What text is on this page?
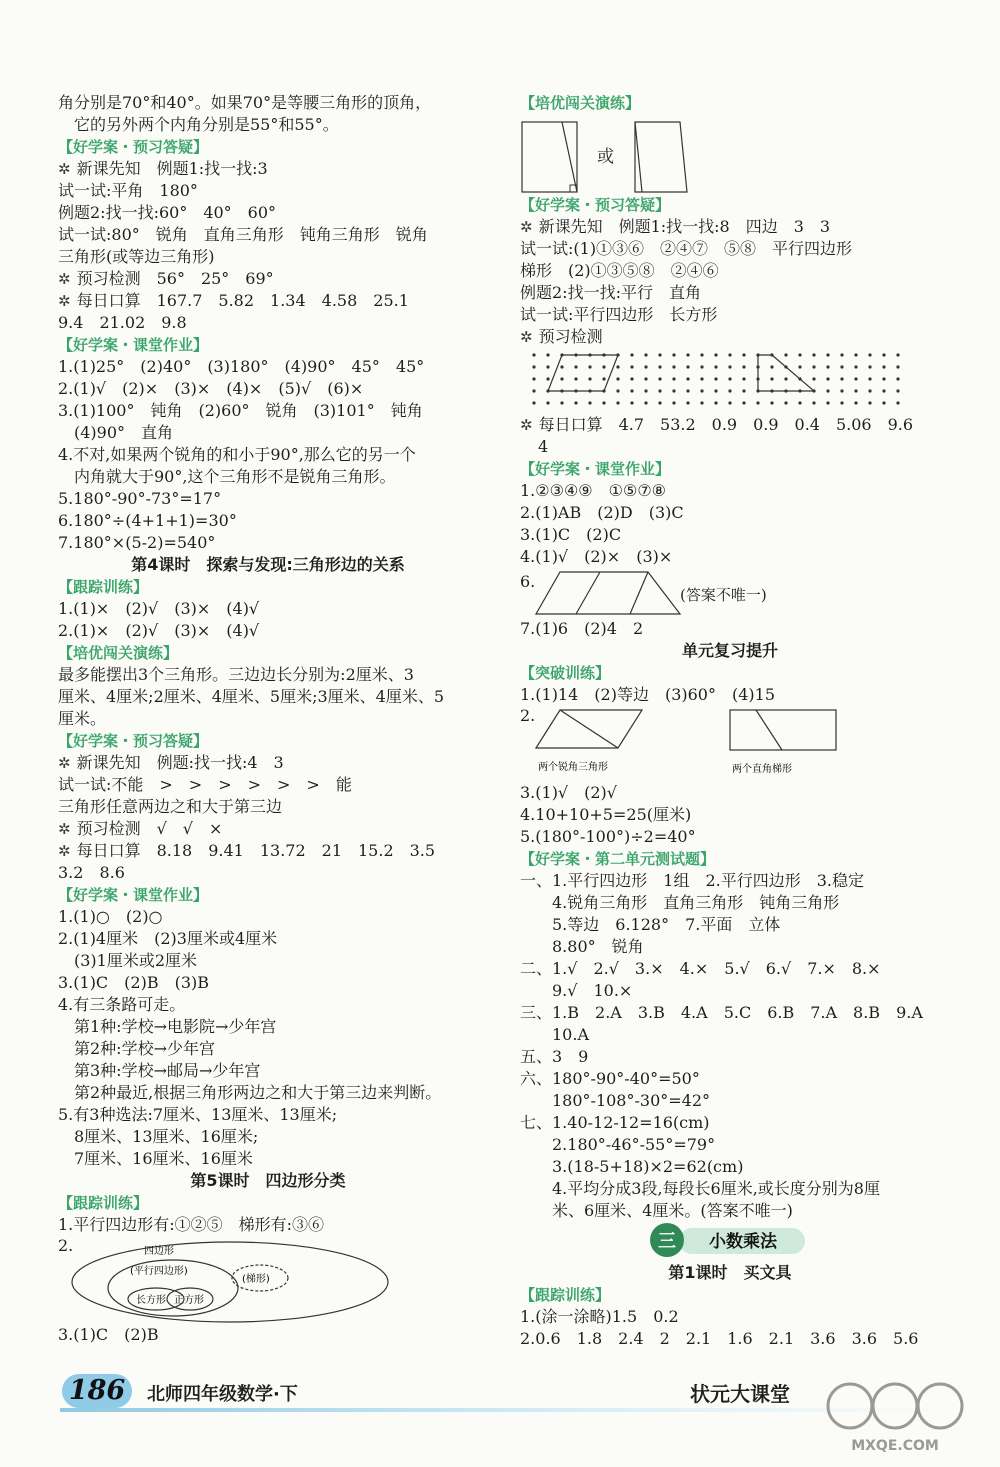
角分别是70°和40°。如果70°是等腰三角形的顶角，
它的另外两个内角分别是55°和55°。
【好学案・预习答疑】
✲ 新课先知　例题1:找一找:3
试一试:平角　180°
例题2:找一找:60°　40°　60°
试一试:80°　锐角　直角三角形　钝角三角形　锐角
三角形(或等边三角形)
✲ 预习检测　56°　25°　69°
✲ 每日口算　167.7　5.82　1.34　4.58　25.1
9.4　21.02　9.8
【好学案・课堂作业】
1.(1)25°　(2)40°　(3)180°　(4)90°　45°　45°
2.(1)√　(2)×　(3)×　(4)×　(5)√　(6)×
3.(1)100°　钝角　(2)60°　锐角　(3)101°　钝角
　(4)90°　直角
4.不对,如果两个锐角的和小于90°,那么它的另一个
　内角就大于90°,这个三角形不是锐角三角形。
5.180°-90°-73°=17°
6.180°÷(4+1+1)=30°
7.180°×(5-2)=540°
第4课时　探索与发现:三角形边的关系
【跟踪训练】
1.(1)×　(2)√　(3)×　(4)√
2.(1)×　(2)√　(3)×　(4)√
【培优闯关演练】
最多能摆出3个三角形。三边边长分别为:2厘米、3
厘米、4厘米;2厘米、4厘米、5厘米;3厘米、4厘米、5
厘米。
【好学案・预习答疑】
✲ 新课先知　例题:找一找:4　3
试一试:不能　>　>　>　>　>　>　能
三角形任意两边之和大于第三边
✲ 预习检测　√　√　×
✲ 每日口算　8.18　9.41　13.72　21　15.2　3.5
3.2　8.6
【好学案・课堂作业】
1.(1)○　(2)○
2.(1)4厘米　(2)3厘米或4厘米
　(3)1厘米或2厘米
3.(1)C　(2)B　(3)B
4.有三条路可走。
　第1种:学校→电影院→少年宫
　第2种:学校→少年宫
　第3种:学校→邮局→少年宫
　第2种最近,根据三角形两边之和大于第三边来判断。
5.有3种选法:7厘米、13厘米、13厘米;
　8厘米、13厘米、16厘米;
　7厘米、16厘米、16厘米
第5课时　四边形分类
【跟踪训练】
1.平行四边形有:①②⑤　梯形有:③⑥
2.	四边形
(平行四边形)
(梯形)
长方形 正方形
3.(1)C　(2)B
【培优闯关演练】
或
【好学案・预习答疑】
✲ 新课先知　例题1:找一找:8　四边　3　3
试一试:(1)①③⑥　②④⑦　⑤⑧　平行四边形
梯形　(2)①③⑤⑧　②④⑥
例题2:找一找:平行　直角
试一试:平行四边形　长方形
✲ 预习检测
✲ 每日口算　4.7　53.2　0.9　0.9　0.4　5.06　9.6
4
【好学案・课堂作业】
1.②③④⑨　①⑤⑦⑧
2.(1)AB　(2)D　(3)C
3.(1)C　(2)C
4.(1)√　(2)×　(3)×
6.
(答案不唯一)
7.(1)6　(2)4　2
单元复习提升
【突破训练】
1.(1)14　(2)等边　(3)60°　(4)15
2.
两个锐角三角形	两个直角梯形
3.(1)√　(2)√
4.10+10+5=25(厘米)
5.(180°-100°)÷2=40°
【好学案・第二单元测试题】
一、1.平行四边形　1组　2.平行四边形　3.稳定
　　4.锐角三角形　直角三角形　钝角三角形
　　5.等边　6.128°　7.平面　立体
　　8.80°　锐角
二、1.√　2.√　3.×　4.×　5.√　6.√　7.×　8.×
　　9.√　10.×
三、1.B　2.A　3.B　4.A　5.C　6.B　7.A　8.B　9.A
　　10.A
五、3　9
六、180°-90°-40°=50°
　　180°-108°-30°=42°
七、1.40-12-12=16(cm)
　　2.180°-46°-55°=79°
　　3.(18-5+18)×2=62(cm)
　　4.平均分成3段,每段长6厘米,或长度分别为8厘
　　米、6厘米、4厘米。(答案不唯一)
三 小数乘法
第1课时　买文具
【跟踪训练】
1.(涂一涂略)1.5　0.2
2.0.6　1.8　2.4　2　2.1　1.6　2.1　3.6　3.6　5.6
186	北师四年级数学·下	状元大课堂
MXQE.COM
